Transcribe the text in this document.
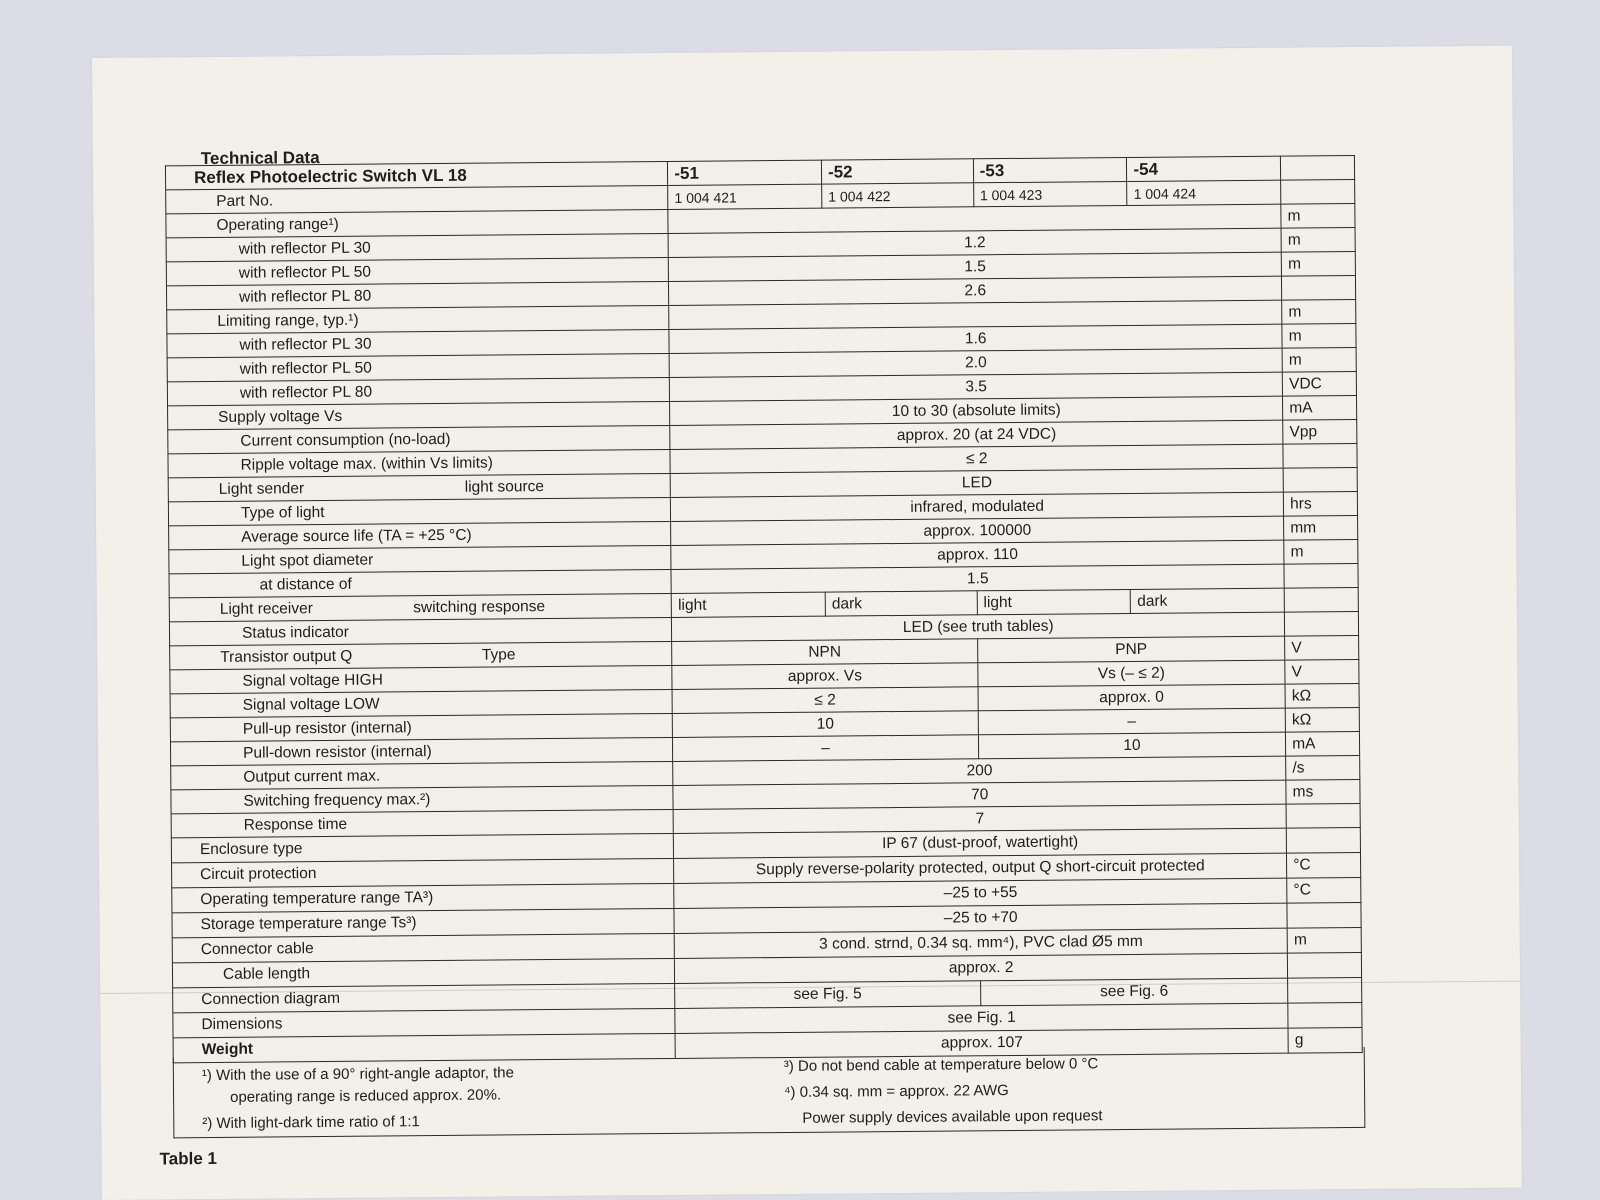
Technical Data
Reflex Photoelectric Switch VL 18	-51	-52	-53	-54	
Part No.	1 004 421	1 004 422	1 004 423	1 004 424	
Operating range¹)					m
with reflector PL 30	1.2				m
with reflector PL 50	1.5				m
with reflector PL 80	2.6				
Limiting range, typ.¹)					m
with reflector PL 30	1.6				m
with reflector PL 50	2.0				m
with reflector PL 80	3.5				VDC
Supply voltage Vs	10 to 30 (absolute limits)				mA
Current consumption (no-load)	approx. 20 (at 24 VDC)				Vpp
Ripple voltage max. (within Vs limits)	≤ 2				

Light sender light source	LED				
Type of light	infrared, modulated				hrs
Average source life (TA = +25 °C)	approx. 100000				mm
Light spot diameter	approx. 110				m
at distance of	1.5				

Light receiver switching response	light	dark	light	dark	
Status indicator	LED (see truth tables)				

Transistor output Q Type	NPN		PNP		V
Signal voltage HIGH	approx. Vs		Vs (– ≤ 2)		V
Signal voltage LOW	≤ 2		approx. 0		kΩ
Pull-up resistor (internal)	10		–		kΩ
Pull-down resistor (internal)	–		10		mA
Output current max.	200				/s
Switching frequency max.²)	70				ms
Response time	7				
Enclosure type	IP 67 (dust-proof, watertight)				
Circuit protection	Supply reverse-polarity protected, output Q short-circuit protected				°C
Operating temperature range TA³)	–25 to +55				°C
Storage temperature range Ts³)	–25 to +70				
Connector cable	3 cond. strnd, 0.34 sq. mm⁴), PVC clad Ø5 mm				m
Cable length	approx. 2				
Connection diagram	see Fig. 5		see Fig. 6		
Dimensions	see Fig. 1				
Weight	approx. 107				g
¹) With the use of a 90° right-angle adaptor, the
operating range is reduced approx. 20%.
²) With light-dark time ratio of 1:1
³) Do not bend cable at temperature below 0 °C
⁴) 0.34 sq. mm = approx. 22 AWG
Power supply devices available upon request
Table 1
